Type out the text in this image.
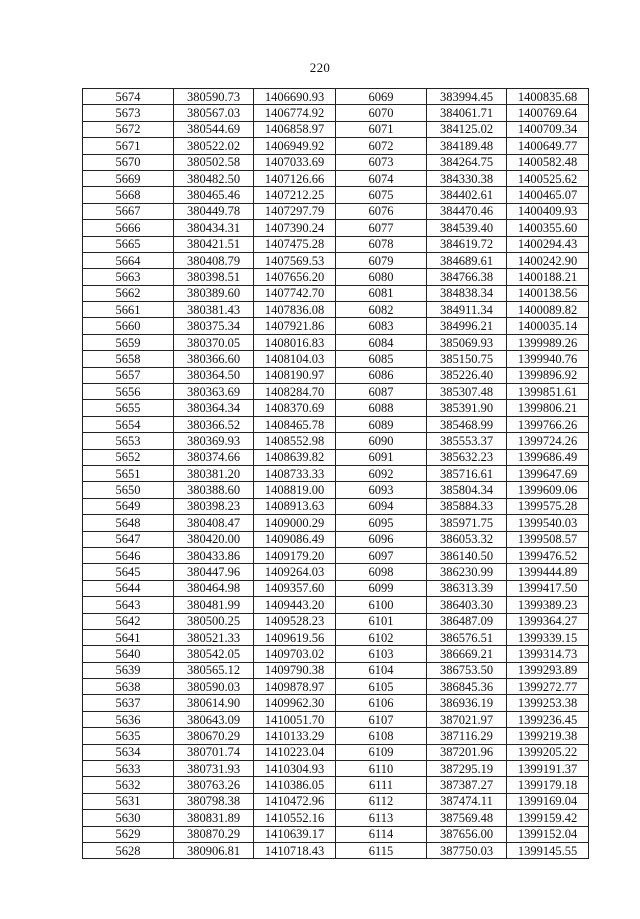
220
5674	380590.73	1406690.93	6069	383994.45	1400835.68
5673	380567.03	1406774.92	6070	384061.71	1400769.64
5672	380544.69	1406858.97	6071	384125.02	1400709.34
5671	380522.02	1406949.92	6072	384189.48	1400649.77
5670	380502.58	1407033.69	6073	384264.75	1400582.48
5669	380482.50	1407126.66	6074	384330.38	1400525.62
5668	380465.46	1407212.25	6075	384402.61	1400465.07
5667	380449.78	1407297.79	6076	384470.46	1400409.93
5666	380434.31	1407390.24	6077	384539.40	1400355.60
5665	380421.51	1407475.28	6078	384619.72	1400294.43
5664	380408.79	1407569.53	6079	384689.61	1400242.90
5663	380398.51	1407656.20	6080	384766.38	1400188.21
5662	380389.60	1407742.70	6081	384838.34	1400138.56
5661	380381.43	1407836.08	6082	384911.34	1400089.82
5660	380375.34	1407921.86	6083	384996.21	1400035.14
5659	380370.05	1408016.83	6084	385069.93	1399989.26
5658	380366.60	1408104.03	6085	385150.75	1399940.76
5657	380364.50	1408190.97	6086	385226.40	1399896.92
5656	380363.69	1408284.70	6087	385307.48	1399851.61
5655	380364.34	1408370.69	6088	385391.90	1399806.21
5654	380366.52	1408465.78	6089	385468.99	1399766.26
5653	380369.93	1408552.98	6090	385553.37	1399724.26
5652	380374.66	1408639.82	6091	385632.23	1399686.49
5651	380381.20	1408733.33	6092	385716.61	1399647.69
5650	380388.60	1408819.00	6093	385804.34	1399609.06
5649	380398.23	1408913.63	6094	385884.33	1399575.28
5648	380408.47	1409000.29	6095	385971.75	1399540.03
5647	380420.00	1409086.49	6096	386053.32	1399508.57
5646	380433.86	1409179.20	6097	386140.50	1399476.52
5645	380447.96	1409264.03	6098	386230.99	1399444.89
5644	380464.98	1409357.60	6099	386313.39	1399417.50
5643	380481.99	1409443.20	6100	386403.30	1399389.23
5642	380500.25	1409528.23	6101	386487.09	1399364.27
5641	380521.33	1409619.56	6102	386576.51	1399339.15
5640	380542.05	1409703.02	6103	386669.21	1399314.73
5639	380565.12	1409790.38	6104	386753.50	1399293.89
5638	380590.03	1409878.97	6105	386845.36	1399272.77
5637	380614.90	1409962.30	6106	386936.19	1399253.38
5636	380643.09	1410051.70	6107	387021.97	1399236.45
5635	380670.29	1410133.29	6108	387116.29	1399219.38
5634	380701.74	1410223.04	6109	387201.96	1399205.22
5633	380731.93	1410304.93	6110	387295.19	1399191.37
5632	380763.26	1410386.05	6111	387387.27	1399179.18
5631	380798.38	1410472.96	6112	387474.11	1399169.04
5630	380831.89	1410552.16	6113	387569.48	1399159.42
5629	380870.29	1410639.17	6114	387656.00	1399152.04
5628	380906.81	1410718.43	6115	387750.03	1399145.55
